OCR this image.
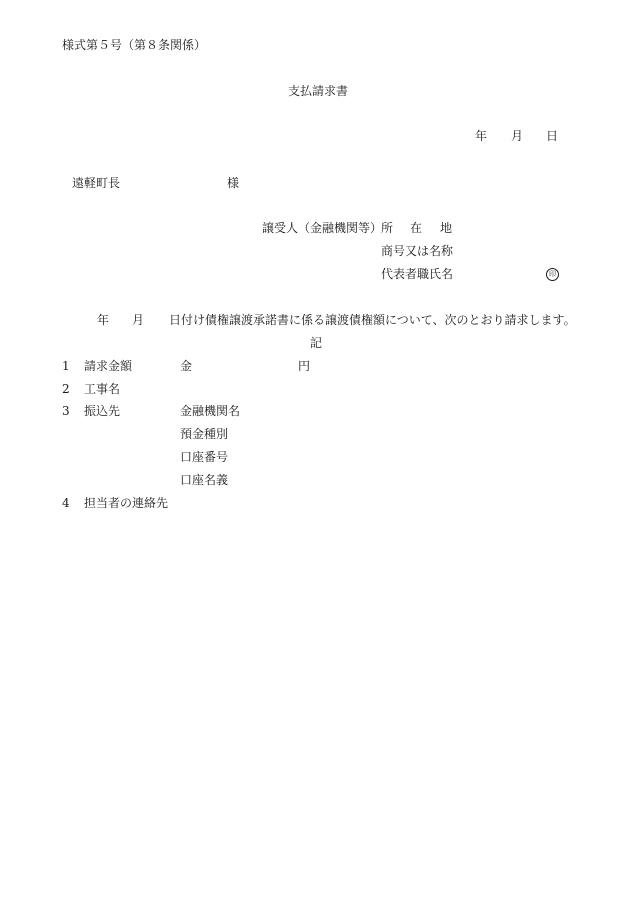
様式第５号（第８条関係）
支払請求書
年 月 日
遠軽町長	様
譲受人（金融機関等）
所 在 地
商号又は名称
代表者職氏名	印
年 月 日付け債権譲渡承諾書に係る譲渡債権額について、次のとおり請求します。
記
1 請求金額	金	円
2 工事名
3 振込先	金融機関名
預金種別
口座番号
口座名義
4 担当者の連絡先
